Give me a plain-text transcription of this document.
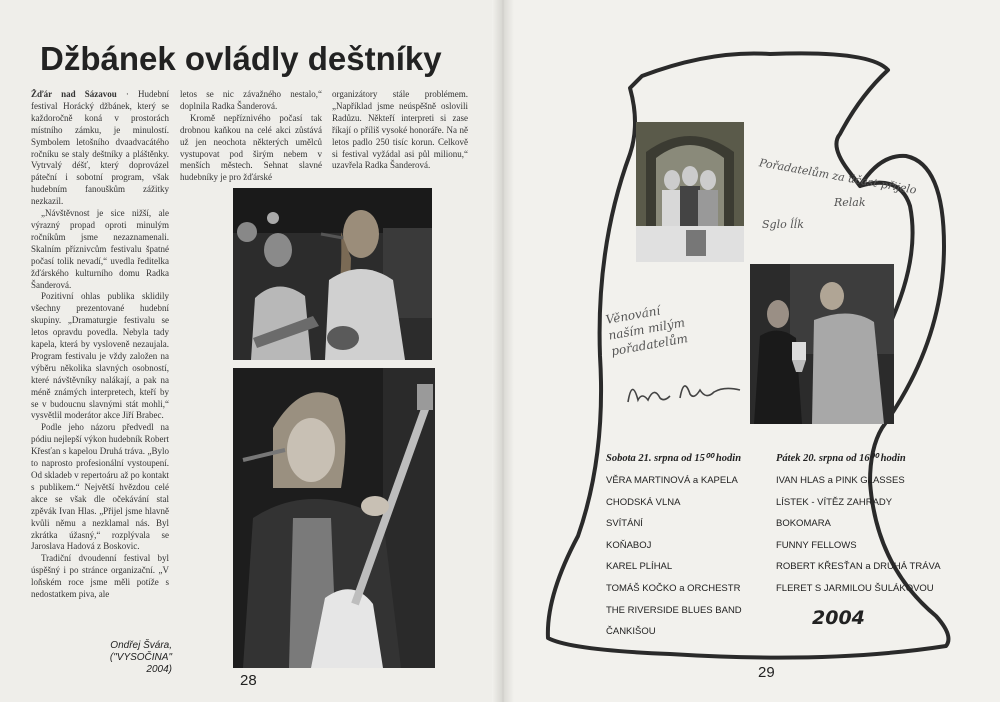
Džbánek ovládly deštníky

Žďár nad Sázavou · Hudební festival Horácký džbánek, který se každoročně koná v prostorách místního zámku, je minulostí. Symbolem letošního dvaadvacátého ročníku se staly deštníky a pláštěnky. Vytrvalý déšť, který doprovázel páteční i sobotní program, však hudebním fanouškům zážitky nezkazil.

„Návštěvnost je sice nižší, ale výrazný propad oproti minulým ročníkům jsme nezaznamenali. Skalním příznivcům festivalu špatné počasí tolik nevadí,“ uvedla ředitelka žďárského kulturního domu Radka Šanderová.

Pozitivní ohlas publika sklidily všechny prezentované hudební skupiny. „Dramaturgie festivalu se letos opravdu povedla. Nebyla tady kapela, která by vysloveně nezaujala. Program festivalu je vždy založen na výběru několika slavných osobností, které návštěvníky nalákají, a pak na méně známých interpretech, kteří by se v budoucnu slavnými stát mohli,“ vysvětlil moderátor akce Jiří Brabec.

Podle jeho názoru předvedl na pódiu nejlepší výkon hudebník Robert Křesťan s kapelou Druhá tráva. „Bylo to naprosto profesionální vystoupení. Od skladeb v repertoáru až po kontakt s publikem.“ Největší hvězdou celé akce se však dle očekávání stal zpěvák Ivan Hlas. „Přijel jsme hlavně kvůli němu a nezklamal nás. Byl zkrátka úžasný,“ rozplývala se Jaroslava Hadová z Boskovic.

Tradiční dvoudenní festival byl úspěšný i po stránce organizační. „V loňském roce jsme měli potíže s nedostatkem piva, ale

letos se nic závažného nestalo,“ doplnila Radka Šanderová.

Kromě nepříznivého počasí tak drobnou kaňkou na celé akci zůstává už jen neochota některých umělců vystupovat pod širým nebem v menších městech. Sehnat slavné hudebníky je pro žďárské

organizátory stále problémem. „Například jsme neúspěšně oslovili Radůzu. Někteří interpreti si zase říkají o příliš vysoké honoráře. Na ně letos padlo 250 tisíc korun. Celkově si festival vyžádal asi půl milionu,“ uzavřela Radka Šanderová.

Ondřej Švára,
("VYSOČINA" 2004)
28
Pořadatelům za účast přijelo
Relak
Sglo ĺĺk
Věnování
naším milým
pořadatelům
Sobota 21. srpna od 15⁰⁰ hodin
VĚRA MARTINOVÁ a KAPELA
CHODSKÁ VLNA
SVÍTÁNÍ
KOŇABOJ
KAREL PLÍHAL
TOMÁŠ KOČKO a ORCHESTR
THE RIVERSIDE BLUES BAND
ČANKIŠOU
Pátek 20. srpna od 16⁰⁰ hodin
IVAN HLAS a PINK GLASSES
LÍSTEK - VÍTĚZ ZAHRADY
BOKOMARA
FUNNY FELLOWS
ROBERT KŘESŤAN a DRUHÁ TRÁVA
FLERET S JARMILOU ŠULÁKOVOU
2004
29
